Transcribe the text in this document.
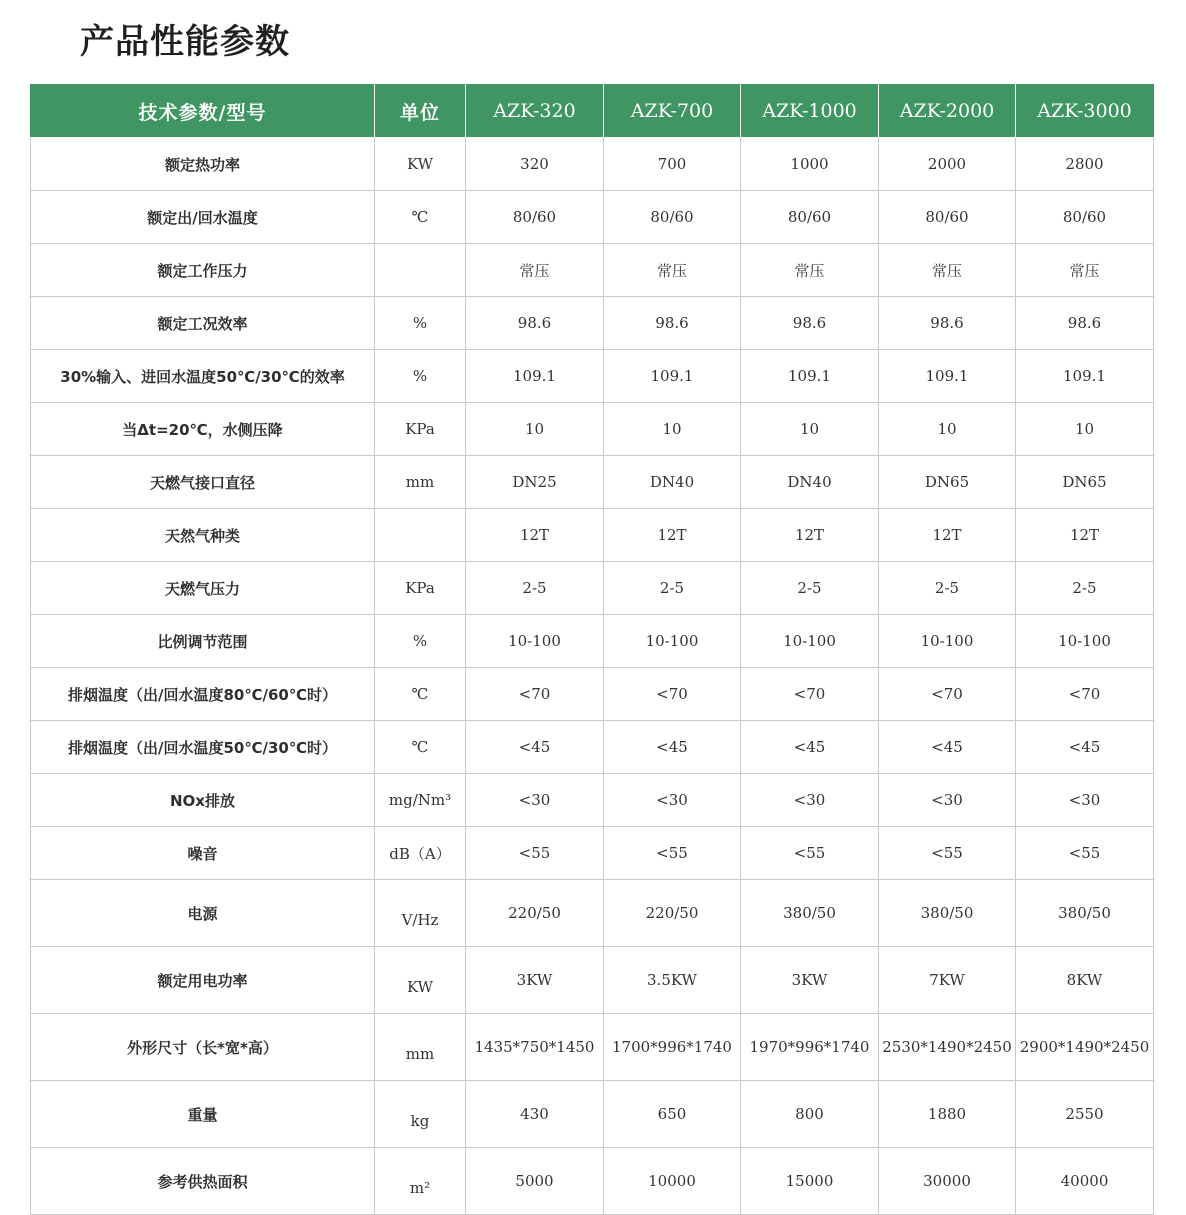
产品性能参数
技术参数/型号	单位	AZK-320	AZK-700	AZK-1000	AZK-2000	AZK-3000
额定热功率	KW	320	700	1000	2000	2800
额定出/回水温度	℃	80/60	80/60	80/60	80/60	80/60
额定工作压力		常压	常压	常压	常压	常压
额定工况效率	%	98.6	98.6	98.6	98.6	98.6
30%输入、进回水温度50℃/30℃的效率	%	109.1	109.1	109.1	109.1	109.1
当Δt=20℃，水侧压降	KPa	10	10	10	10	10
天燃气接口直径	mm	DN25	DN40	DN40	DN65	DN65
天然气种类		12T	12T	12T	12T	12T
天燃气压力	KPa	2-5	2-5	2-5	2-5	2-5
比例调节范围	%	10-100	10-100	10-100	10-100	10-100
排烟温度（出/回水温度80℃/60℃时）	℃	<70	<70	<70	<70	<70
排烟温度（出/回水温度50℃/30℃时）	℃	<45	<45	<45	<45	<45
NOx排放	mg/Nm³	<30	<30	<30	<30	<30
噪音	dB（A）	<55	<55	<55	<55	<55
电源	V/Hz	220/50	220/50	380/50	380/50	380/50
额定用电功率	KW	3KW	3.5KW	3KW	7KW	8KW
外形尺寸（长*宽*高）	mm	1435*750*1450	1700*996*1740	1970*996*1740	2530*1490*2450	2900*1490*2450
重量	kg	430	650	800	1880	2550
参考供热面积	m²	5000	10000	15000	30000	40000
